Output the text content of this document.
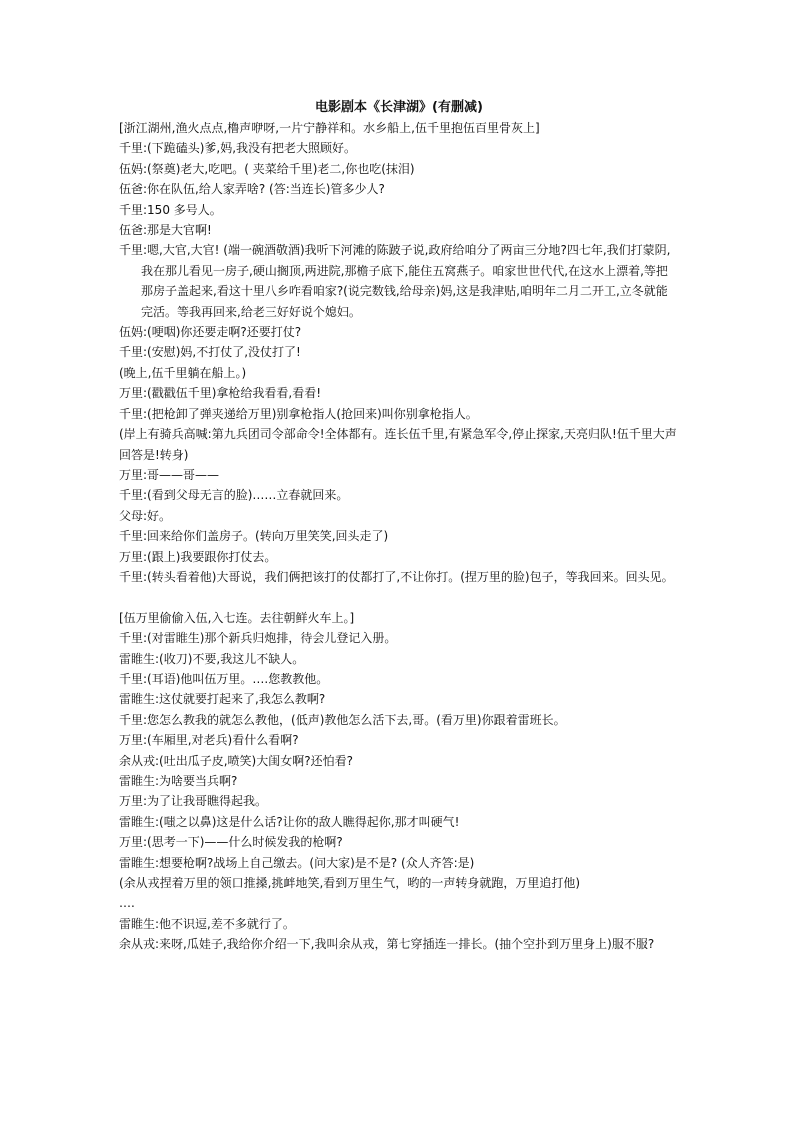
电影剧本《长津湖》(有删减)

[浙江湖州,渔火点点,橹声咿呀,一片宁静祥和。水乡船上,伍千里抱伍百里骨灰上]

千里:(下跪磕头)爹,妈,我没有把老大照顾好。

伍妈:(祭奠)老大,吃吧。( 夹菜给千里)老二,你也吃(抹泪)

伍爸:你在队伍,给人家弄啥? (答:当连长)管多少人?

千里:150 多号人。

伍爸:那是大官啊!

千里:嗯,大官,大官! (端一碗酒敬酒)我听下河滩的陈跛子说,政府给咱分了两亩三分地?四七年,我们打蒙阴,我在那儿看见一房子,硬山搁顶,两进院,那檐子底下,能住五窝燕子。咱家世世代代,在这水上漂着,等把那房子盖起来,看这十里八乡咋看咱家?(说完数钱,给母亲)妈,这是我津贴,咱明年二月二开工,立冬就能完活。等我再回来,给老三好好说个媳妇。

伍妈:(哽咽)你还要走啊?还要打仗?

千里:(安慰)妈,不打仗了,没仗打了!

(晚上,伍千里躺在船上。)

万里:(戳戳伍千里)拿枪给我看看,看看!

千里:(把枪卸了弹夹递给万里)别拿枪指人(抢回来)叫你别拿枪指人。

(岸上有骑兵高喊:第九兵团司令部命令!全体都有。连长伍千里,有紧急军令,停止探家,天亮归队!伍千里大声回答是!转身)

万里:哥——哥——

千里:(看到父母无言的脸)……立春就回来。

父母:好。

千里:回来给你们盖房子。(转向万里笑笑,回头走了)

万里:(跟上)我要跟你打仗去。

千里:(转头看着他)大哥说，我们俩把该打的仗都打了,不让你打。(捏万里的脸)包子，等我回来。回头见。

[伍万里偷偷入伍,入七连。去往朝鲜火车上。]

千里:(对雷睢生)那个新兵归炮排，待会儿登记入册。

雷睢生:(收刀)不要,我这儿不缺人。

千里:(耳语)他叫伍万里。….您教教他。

雷睢生:这仗就要打起来了,我怎么教啊?

千里:您怎么教我的就怎么教他，(低声)教他怎么活下去,哥。(看万里)你跟着雷班长。

万里:(车厢里,对老兵)看什么看啊?

余从戎:(吐出瓜子皮,喷笑)大闺女啊?还怕看?

雷睢生:为啥要当兵啊?

万里:为了让我哥瞧得起我。

雷睢生:(嗤之以鼻)这是什么话?让你的敌人瞧得起你,那才叫硬气!

万里:(思考一下)——什么时候发我的枪啊?

雷睢生:想要枪啊?战场上自己缴去。(问大家)是不是? (众人齐答:是)

(余从戎捏着万里的领口推搡,挑衅地笑,看到万里生气，哟的一声转身就跑，万里追打他)

….

雷睢生:他不识逗,差不多就行了。

余从戎:来呀,瓜娃子,我给你介绍一下,我叫余从戎，第七穿插连一排长。(抽个空扑到万里身上)服不服?
